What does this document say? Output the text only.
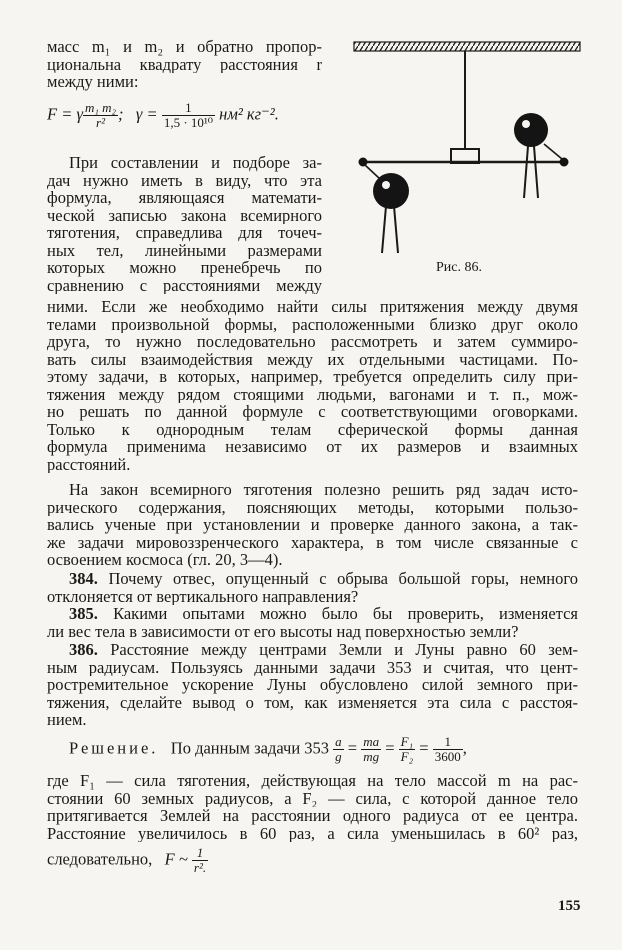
масс m₁ и m₂ и обратно пропор-
циональна квадрату расстояния r
между ними:
F = γ $\frac{\text{m₁ m₂}}{\text{r²}}$ ; $\gamma = \frac{1}{\text{1,5 · 10¹⁰}} нм^2$ кг⁻².
При составлении и подборе за-
дач нужно иметь в виду, что эта
формула, являющаяся математи-
ческой записью закона всемирного
тяготения, справедлива для точеч-
ных тел, линейными размерами
которых можно пренебречь по
сравнению с расстояниями между
Рис. 86.
ними. Если же необходимо найти силы притяжения между двумя
телами произвольной формы, расположенными близко друг около
друга, то нужно последовательно рассмотреть и затем суммиро-
вать силы взаимодействия между их отдельными частицами. По-
этому задачи, в которых, например, требуется определить силу при-
тяжения между рядом стоящими людьми, вагонами и т. п., мож-
но решать по данной формуле с соответствующими оговорками.
Только к однородным телам сферической формы данная
формула применима независимо от их размеров и взаимных
расстояний.
На закон всемирного тяготения полезно решить ряд задач исто-
рического содержания, поясняющих методы, которыми пользо-
вались ученые при установлении и проверке данного закона, а так-
же задачи мировоззренческого характера, в том числе связанные с
освоением космоса (гл. 20, 3—4).
384. Почему отвес, опущенный с обрыва большой горы, немного
отклоняется от вертикального направления?
385. Какими опытами можно было бы проверить, изменяется
ли вес тела в зависимости от его высоты над поверхностью земли?
386. Расстояние между центрами Земли и Луны равно 60 зем-
ным радиусам. Пользуясь данными задачи 353 и считая, что цент-
ростремительное ускорение Луны обусловлено силой земного при-
тяжения, сделайте вывод о том, как изменяется эта сила с расстоя-
нием.
Решение. По данным задачи $353 \frac{a}{g} = \frac{ma}{mg} = \frac{\text{F₁}}{\text{F₂}} = \frac{1}{3600}$ ,
где F₁ — сила тяготения, действующая на тело массой m на рас-
стоянии 60 земных радиусов, а F₂ — сила, с которой данное тело
притягивается Землей на расстоянии одного радиуса от ее центра.
Расстояние увеличилось в 60 раз, а сила уменьшилась в 60² раз,
следовательно, F ~ $\frac{1}{\text{r².}}$
155
